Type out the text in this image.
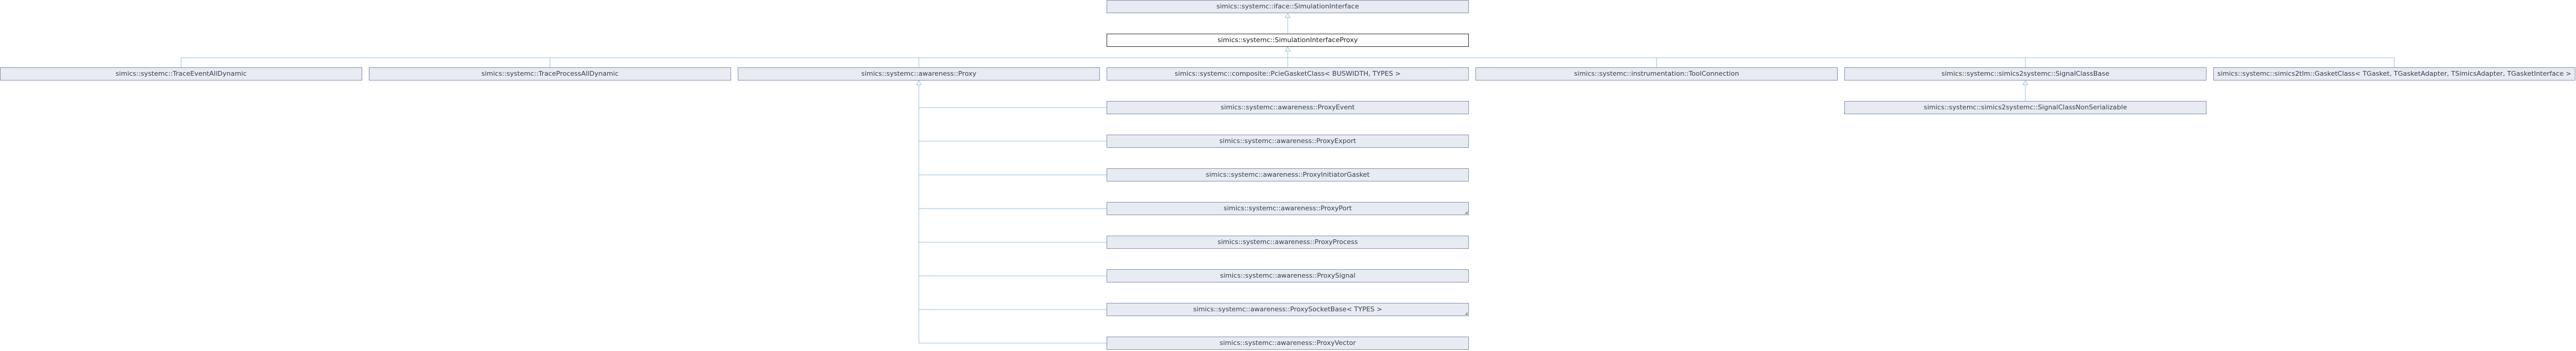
simics::systemc::iface::SimulationInterface
simics::systemc::SimulationInterfaceProxy
simics::systemc::TraceEventAllDynamic	simics::systemc::TraceProcessAllDynamic	simics::systemc::awareness::Proxy	simics::systemc::composite::PcieGasketClass< BUSWIDTH, TYPES >	simics::systemc::instrumentation::ToolConnection	simics::systemc::simics2systemc::SignalClassBase	simics::systemc::simics2tlm::GasketClass< TGasket, TGasketAdapter, TSimicsAdapter, TGasketInterface >
simics::systemc::awareness::ProxyEvent
simics::systemc::awareness::ProxyExport
simics::systemc::awareness::ProxyInitiatorGasket
simics::systemc::awareness::ProxyPort
simics::systemc::awareness::ProxyProcess
simics::systemc::awareness::ProxySignal
simics::systemc::awareness::ProxySocketBase< TYPES >
simics::systemc::awareness::ProxyVector
simics::systemc::simics2systemc::SignalClassNonSerializable
